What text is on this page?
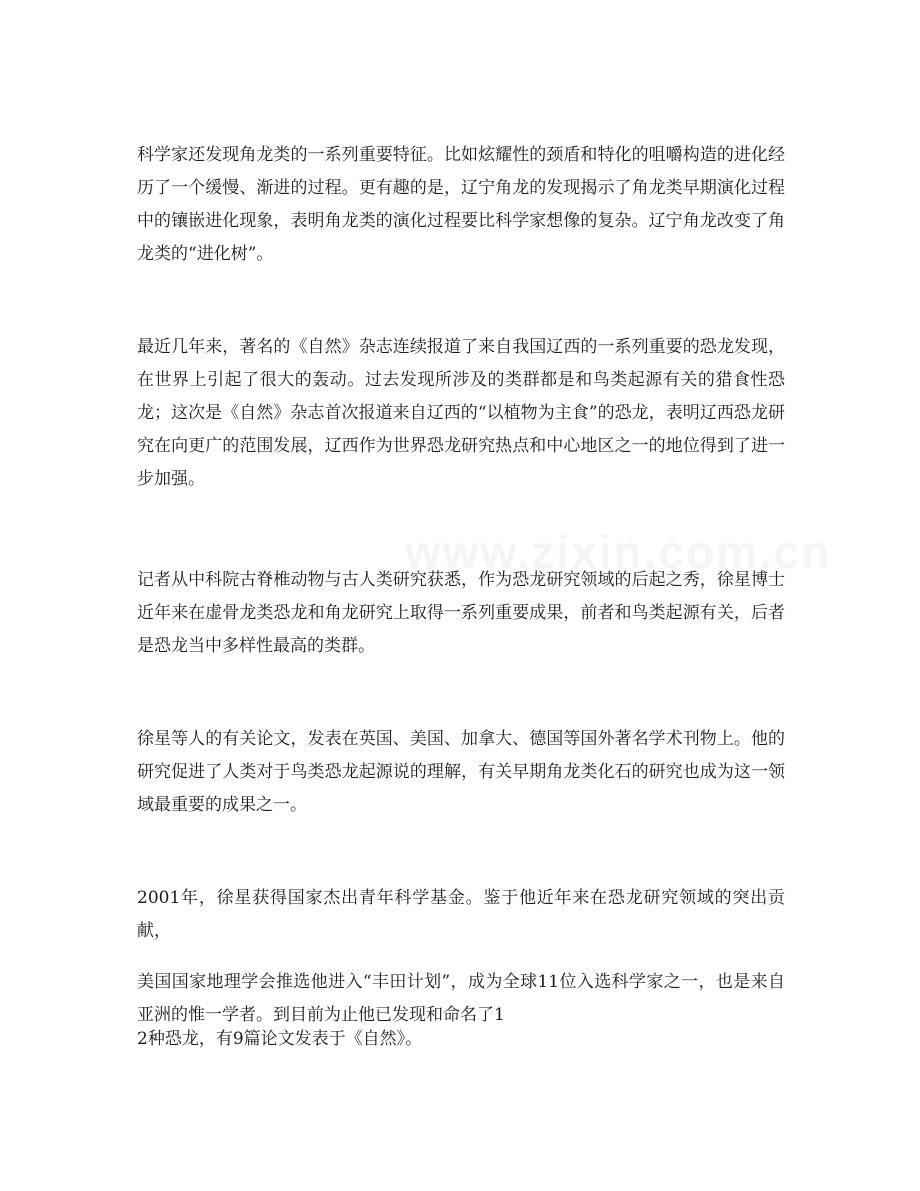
www.zixin.com.cn

科学家还发现角龙类的一系列重要特征。比如炫耀性的颈盾和特化的咀嚼构造的进化经历了一个缓慢、渐进的过程。更有趣的是，辽宁角龙的发现揭示了角龙类早期演化过程中的镶嵌进化现象，表明角龙类的演化过程要比科学家想像的复杂。辽宁角龙改变了角龙类的“进化树”。

最近几年来，著名的《自然》杂志连续报道了来自我国辽西的一系列重要的恐龙发现，在世界上引起了很大的轰动。过去发现所涉及的类群都是和鸟类起源有关的猎食性恐龙；这次是《自然》杂志首次报道来自辽西的“以植物为主食”的恐龙，表明辽西恐龙研究在向更广的范围发展，辽西作为世界恐龙研究热点和中心地区之一的地位得到了进一步加强。

记者从中科院古脊椎动物与古人类研究获悉，作为恐龙研究领域的后起之秀，徐星博士近年来在虚骨龙类恐龙和角龙研究上取得一系列重要成果，前者和鸟类起源有关，后者是恐龙当中多样性最高的类群。

徐星等人的有关论文，发表在英国、美国、加拿大、德国等国外著名学术刊物上。他的研究促进了人类对于鸟类恐龙起源说的理解，有关早期角龙类化石的研究也成为这一领域最重要的成果之一。

2001年，徐星获得国家杰出青年科学基金。鉴于他近年来在恐龙研究领域的突出贡献，

美国国家地理学会推选他进入“丰田计划”，成为全球11位入选科学家之一，也是来自亚洲的惟一学者。到目前为止他已发现和命名了1

2种恐龙，有9篇论文发表于《自然》。
